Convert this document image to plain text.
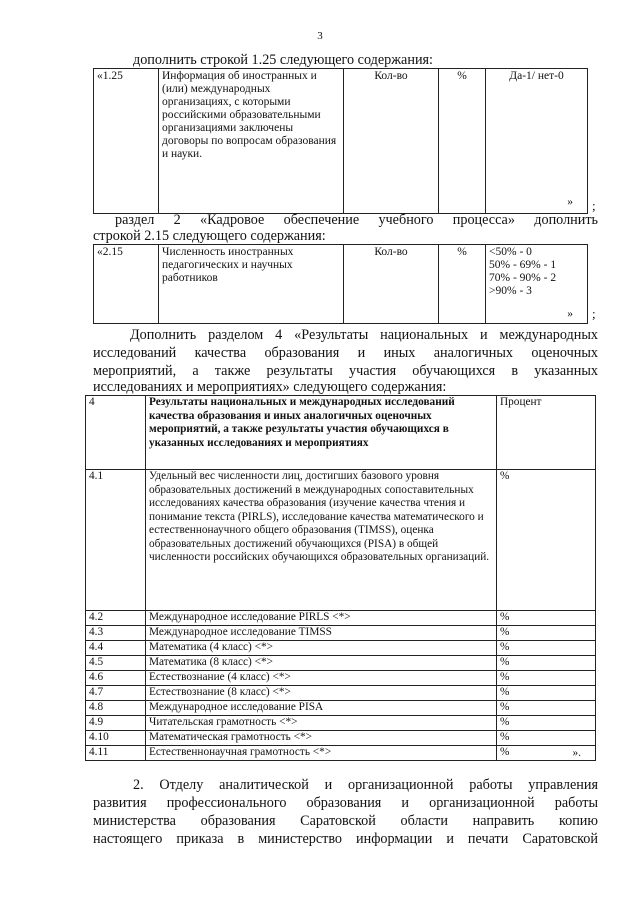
3
дополнить строкой 1.25 следующего содержания:
«1.25	Информация об иностранных и (или) международных организациях, с которыми российскими образовательными организациями заключены договоры по вопросам образования и науки.	Кол-во	%	Да-1/ нет-0
» ;
раздел 2 «Кадровое обеспечение учебного процесса» дополнить
строкой 2.15 следующего содержания:
«2.15	Численность иностранных педагогических и научных работников	Кол-во	%	<50% - 0
50% - 69% - 1
70% - 90% - 2
>90% - 3
» ;
Дополнить разделом 4 «Результаты национальных и международных
исследований качества образования и иных аналогичных оценочных
мероприятий, а также результаты участия обучающихся в указанных
исследованиях и мероприятиях» следующего содержания:
4	Результаты национальных и международных исследований качества образования и иных аналогичных оценочных мероприятий, а также результаты участия обучающихся в указанных исследованиях и мероприятиях	Процент
4.1	Удельный вес численности лиц, достигших базового уровня образовательных достижений в международных сопоставительных исследованиях качества образования (изучение качества чтения и понимание текста (PIRLS), исследование качества математического и естественнонаучного общего образования (TIMSS), оценка образовательных достижений обучающихся (PISA) в общей численности российских обучающихся образовательных организаций.	%
4.2	Международное исследование PIRLS <*>	%
4.3	Международное исследование TIMSS	%
4.4	Математика (4 класс) <*>	%
4.5	Математика (8 класс) <*>	%
4.6	Естествознание (4 класс) <*>	%
4.7	Естествознание (8 класс) <*>	%
4.8	Международное исследование PISA	%
4.9	Читательская грамотность <*>	%
4.10	Математическая грамотность <*>	%
4.11	Естественнонаучная грамотность <*>	% ».
2. Отделу аналитической и организационной работы управления
развития профессионального образования и организационной работы
министерства образования Саратовской области направить копию
настоящего приказа в министерство информации и печати Саратовской
